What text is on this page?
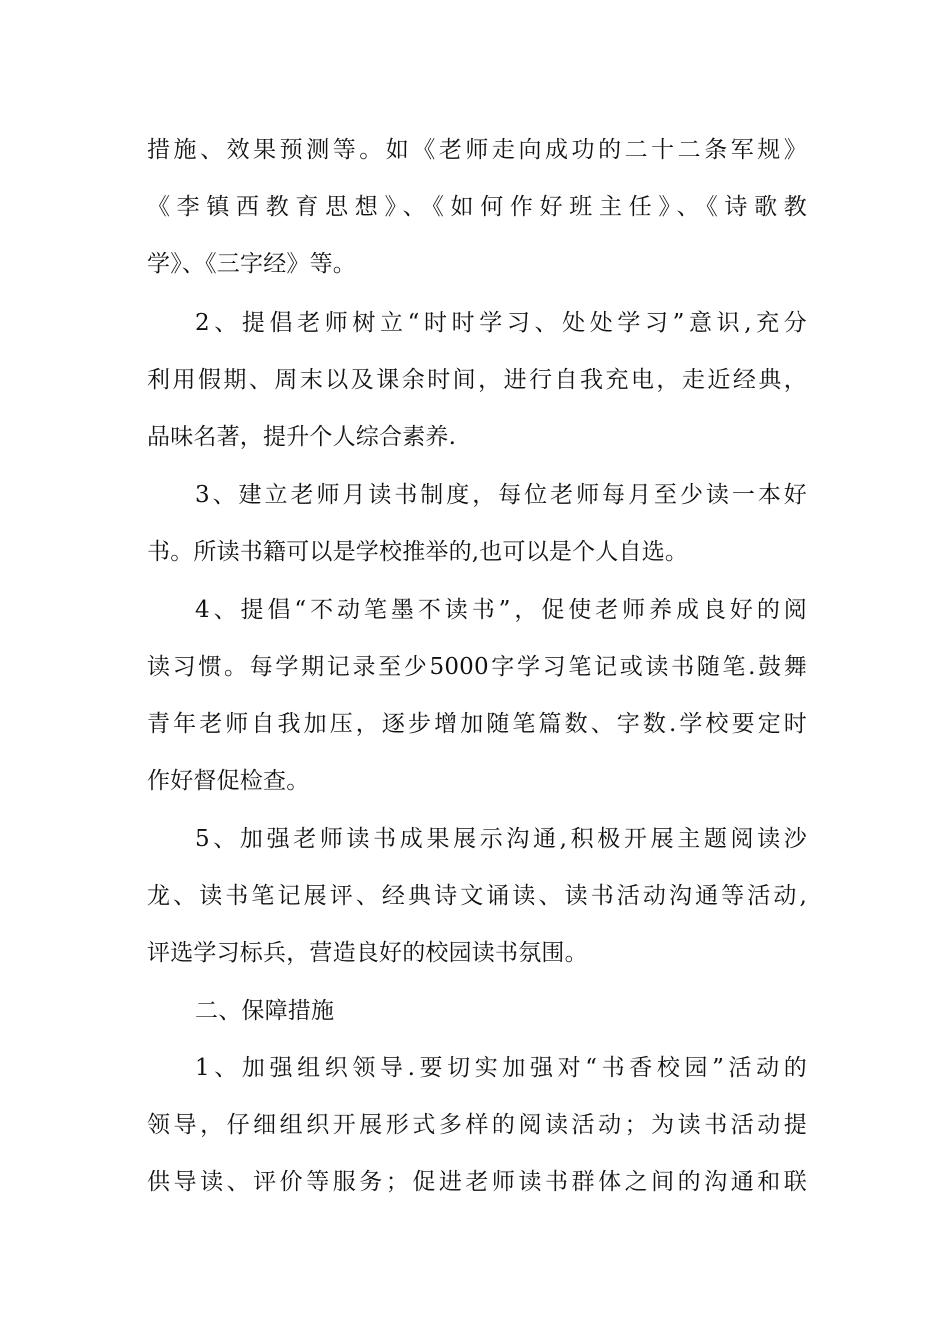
措施、效果预测等。如《老师走向成功的二十二条军规》
《李镇西教育思想》、《如何作好班主任》、《诗歌教
学》、《三字经》等。
2、提倡老师树立“时时学习、处处学习”意识,充分
利用假期、周末以及课余时间，进行自我充电，走近经典，
品味名著，提升个人综合素养.
3、建立老师月读书制度，每位老师每月至少读一本好
书。所读书籍可以是学校推举的,也可以是个人自选。
4、提倡“不动笔墨不读书”，促使老师养成良好的阅
读习惯。每学期记录至少5000字学习笔记或读书随笔.鼓舞
青年老师自我加压，逐步增加随笔篇数、字数.学校要定时
作好督促检查。
5、加强老师读书成果展示沟通,积极开展主题阅读沙
龙、读书笔记展评、经典诗文诵读、读书活动沟通等活动,
评选学习标兵，营造良好的校园读书氛围。
二、保障措施
1、加强组织领导.要切实加强对“书香校园”活动的
领导，仔细组织开展形式多样的阅读活动；为读书活动提
供导读、评价等服务；促进老师读书群体之间的沟通和联
